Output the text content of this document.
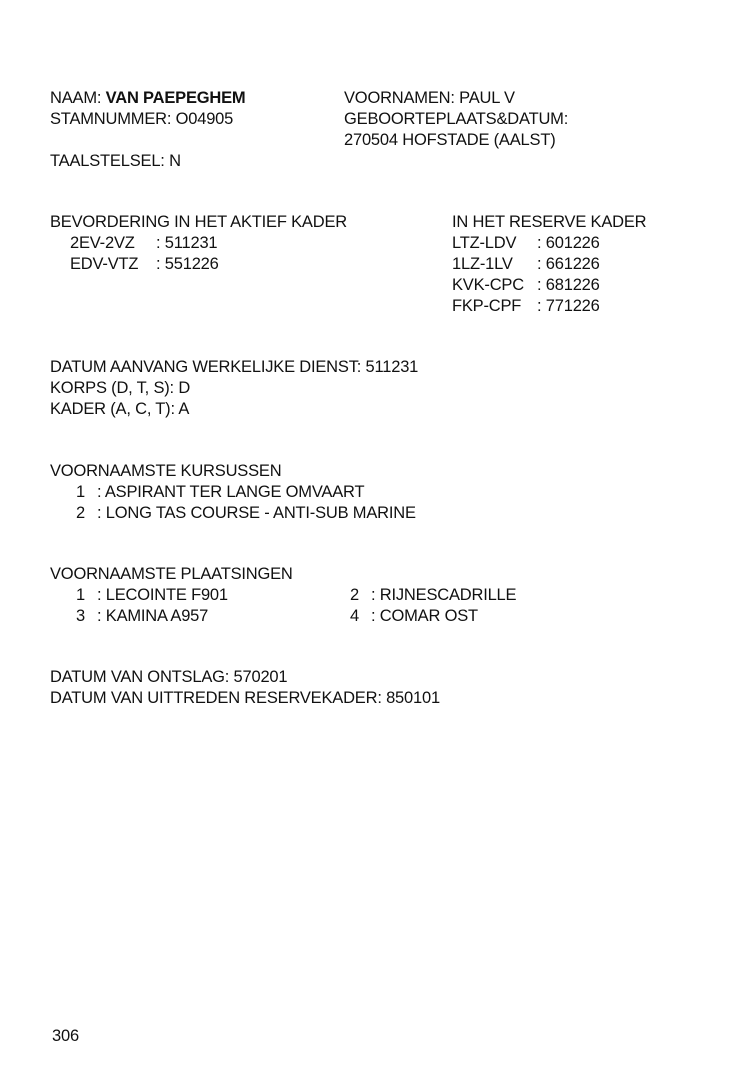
NAAM: VAN PAEPEGHEM
STAMNUMMER: O04905
TAALSTELSEL: N
VOORNAMEN: PAUL V
GEBOORTEPLAATS&DATUM:
270504 HOFSTADE (AALST)
BEVORDERING IN HET AKTIEF KADER
2EV-2VZ : 511231
EDV-VTZ : 551226
IN HET RESERVE KADER
LTZ-LDV : 601226
1LZ-1LV : 661226
KVK-CPC : 681226
FKP-CPF : 771226
DATUM AANVANG WERKELIJKE DIENST: 511231
KORPS (D, T, S): D
KADER (A, C, T): A
VOORNAAMSTE KURSUSSEN
1 : ASPIRANT TER LANGE OMVAART
2 : LONG TAS COURSE - ANTI-SUB MARINE
VOORNAAMSTE PLAATSINGEN
1 : LECOINTE F901
3 : KAMINA A957
2 : RIJNESCADRILLE
4 : COMAR OST
DATUM VAN ONTSLAG: 570201
DATUM VAN UITTREDEN RESERVEKADER: 850101
306
